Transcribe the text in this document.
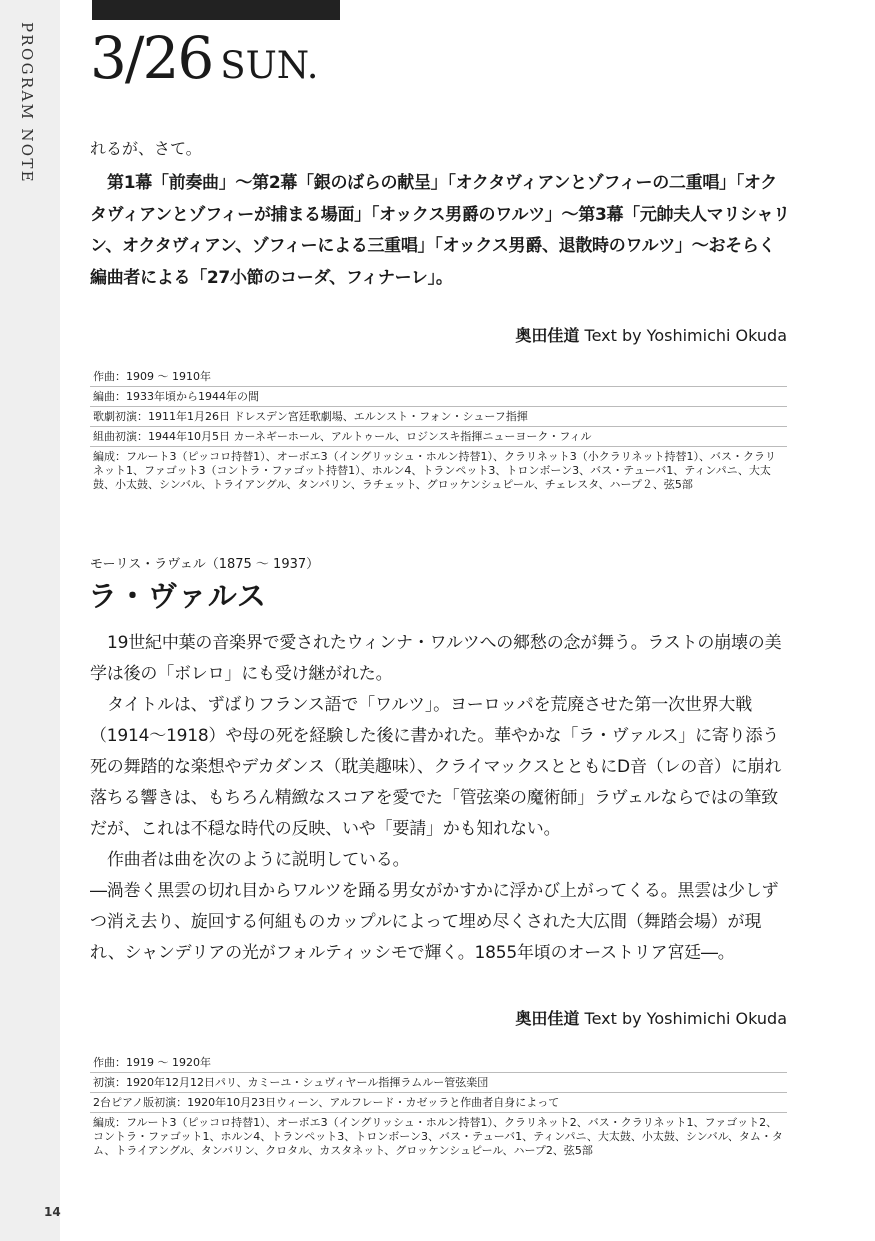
PROGRAM NOTE
14
3/26 SUN.

れるが、さて。

第1幕「前奏曲」～第2幕「銀のばらの献呈」「オクタヴィアンとゾフィーの二重唱」「オクタヴィアンとゾフィーが捕まる場面」「オックス男爵のワルツ」～第3幕「元帥夫人マリシャリン、オクタヴィアン、ゾフィーによる三重唱」「オックス男爵、退散時のワルツ」～おそらく編曲者による「27小節のコーダ、フィナーレ」。

奥田佳道 Text by Yoshimichi Okuda
作曲：1909 ～ 1910年
編曲：1933年頃から1944年の間
歌劇初演：1911年1月26日 ドレスデン宮廷歌劇場、エルンスト・フォン・シューフ指揮
組曲初演：1944年10月5日 カーネギーホール、アルトゥール、ロジンスキ指揮ニューヨーク・フィル
編成：フルート3（ピッコロ持替1）、オーボエ3（イングリッシュ・ホルン持替1）、クラリネット3（小クラリネット持替1）、バス・クラリネット1、ファゴット3（コントラ・ファゴット持替1）、ホルン4、トランペット3、トロンボーン3、バス・テューバ1、ティンパニ、大太鼓、小太鼓、シンバル、トライアングル、タンバリン、ラチェット、グロッケンシュピール、チェレスタ、ハープ２、弦5部
モーリス・ラヴェル（1875 ～ 1937）
ラ・ヴァルス

19世紀中葉の音楽界で愛されたウィンナ・ワルツへの郷愁の念が舞う。ラストの崩壊の美学は後の「ボレロ」にも受け継がれた。

タイトルは、ずばりフランス語で「ワルツ」。ヨーロッパを荒廃させた第一次世界大戦（1914～1918）や母の死を経験した後に書かれた。華やかな「ラ・ヴァルス」に寄り添う死の舞踏的な楽想やデカダンス（耽美趣味）、クライマックスとともにD音（レの音）に崩れ落ちる響きは、もちろん精緻なスコアを愛でた「管弦楽の魔術師」ラヴェルならではの筆致だが、これは不穏な時代の反映、いや「要請」かも知れない。

作曲者は曲を次のように説明している。

―渦巻く黒雲の切れ目からワルツを踊る男女がかすかに浮かび上がってくる。黒雲は少しずつ消え去り、旋回する何組ものカップルによって埋め尽くされた大広間（舞踏会場）が現れ、シャンデリアの光がフォルティッシモで輝く。1855年頃のオーストリア宮廷―。

奥田佳道 Text by Yoshimichi Okuda
作曲：1919 ～ 1920年
初演：1920年12月12日パリ、カミーユ・シュヴィヤール指揮ラムルー管弦楽団
2台ピアノ版初演：1920年10月23日ウィーン、アルフレード・カゼッラと作曲者自身によって
編成：フルート3（ピッコロ持替1）、オーボエ3（イングリッシュ・ホルン持替1）、クラリネット2、バス・クラリネット1、ファゴット2、コントラ・ファゴット1、ホルン4、トランペット3、トロンボーン3、バス・テューバ1、ティンパニ、大太鼓、小太鼓、シンバル、タム・タム、トライアングル、タンバリン、クロタル、カスタネット、グロッケンシュピール、ハープ2、弦5部
